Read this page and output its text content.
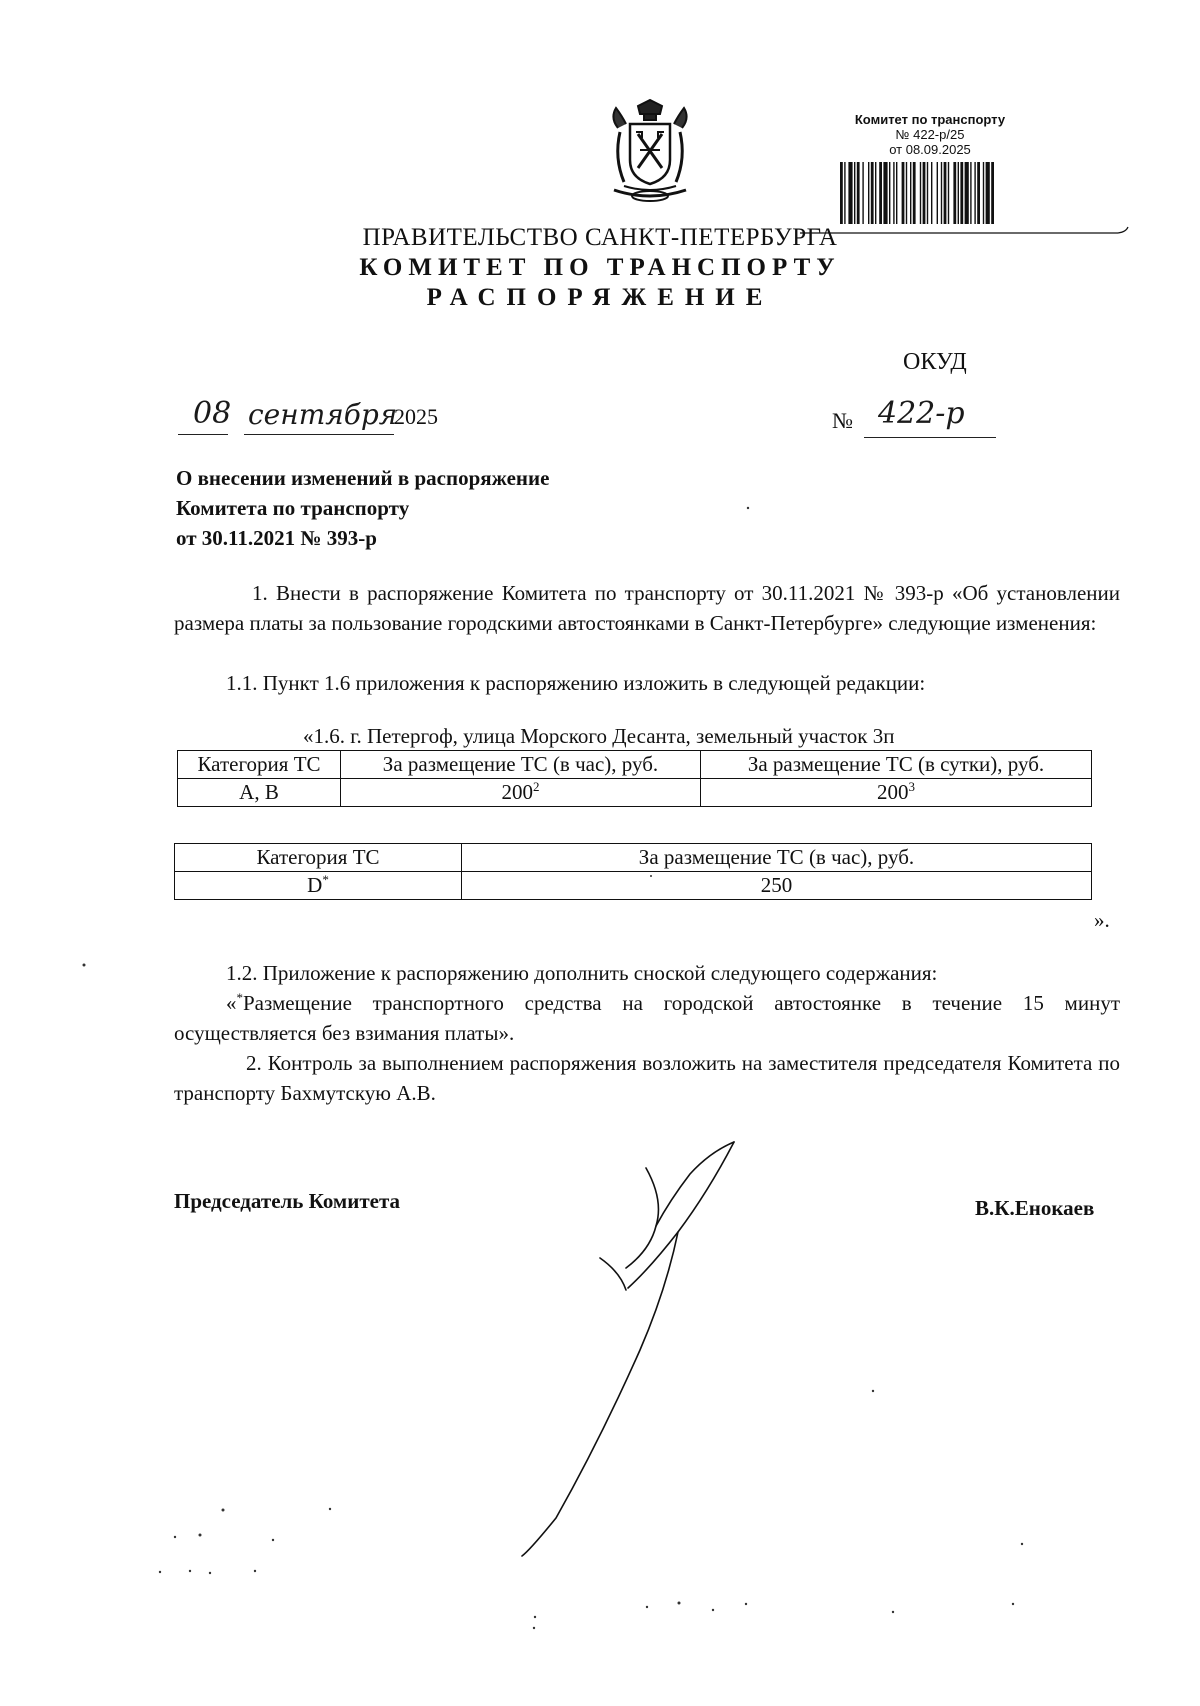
Комитет по транспорту
№ 422-р/25
от 08.09.2025
ПРАВИТЕЛЬСТВО САНКТ-ПЕТЕРБУРГА
КОМИТЕТ ПО ТРАНСПОРТУ
РАСПОРЯЖЕНИЕ
ОКУД
08 сентября
2025	№ 422-р
О внесении изменений в распоряжение
Комитета по транспорту
от 30.11.2021 № 393-р
1. Внести в распоряжение Комитета по транспорту от 30.11.2021 № 393-р «Об установлении размера платы за пользование городскими автостоянками в Санкт-Петербурге» следующие изменения:
1.1. Пункт 1.6 приложения к распоряжению изложить в следующей редакции:
«1.6. г. Петергоф, улица Морского Десанта, земельный участок 3п
Категория ТС	За размещение ТС (в час), руб.	За размещение ТС (в сутки), руб.
А, В	$200^2$	$200^3$
Категория ТС	За размещение ТС (в час), руб.
D*	250
».
1.2. Приложение к распоряжению дополнить сноской следующего содержания:
«*Размещение транспортного средства на городской автостоянке в течение 15 минут осуществляется без взимания платы».
2. Контроль за выполнением распоряжения возложить на заместителя председателя Комитета по транспорту Бахмутскую А.В.
Председатель Комитета	В.К.Енокаев
